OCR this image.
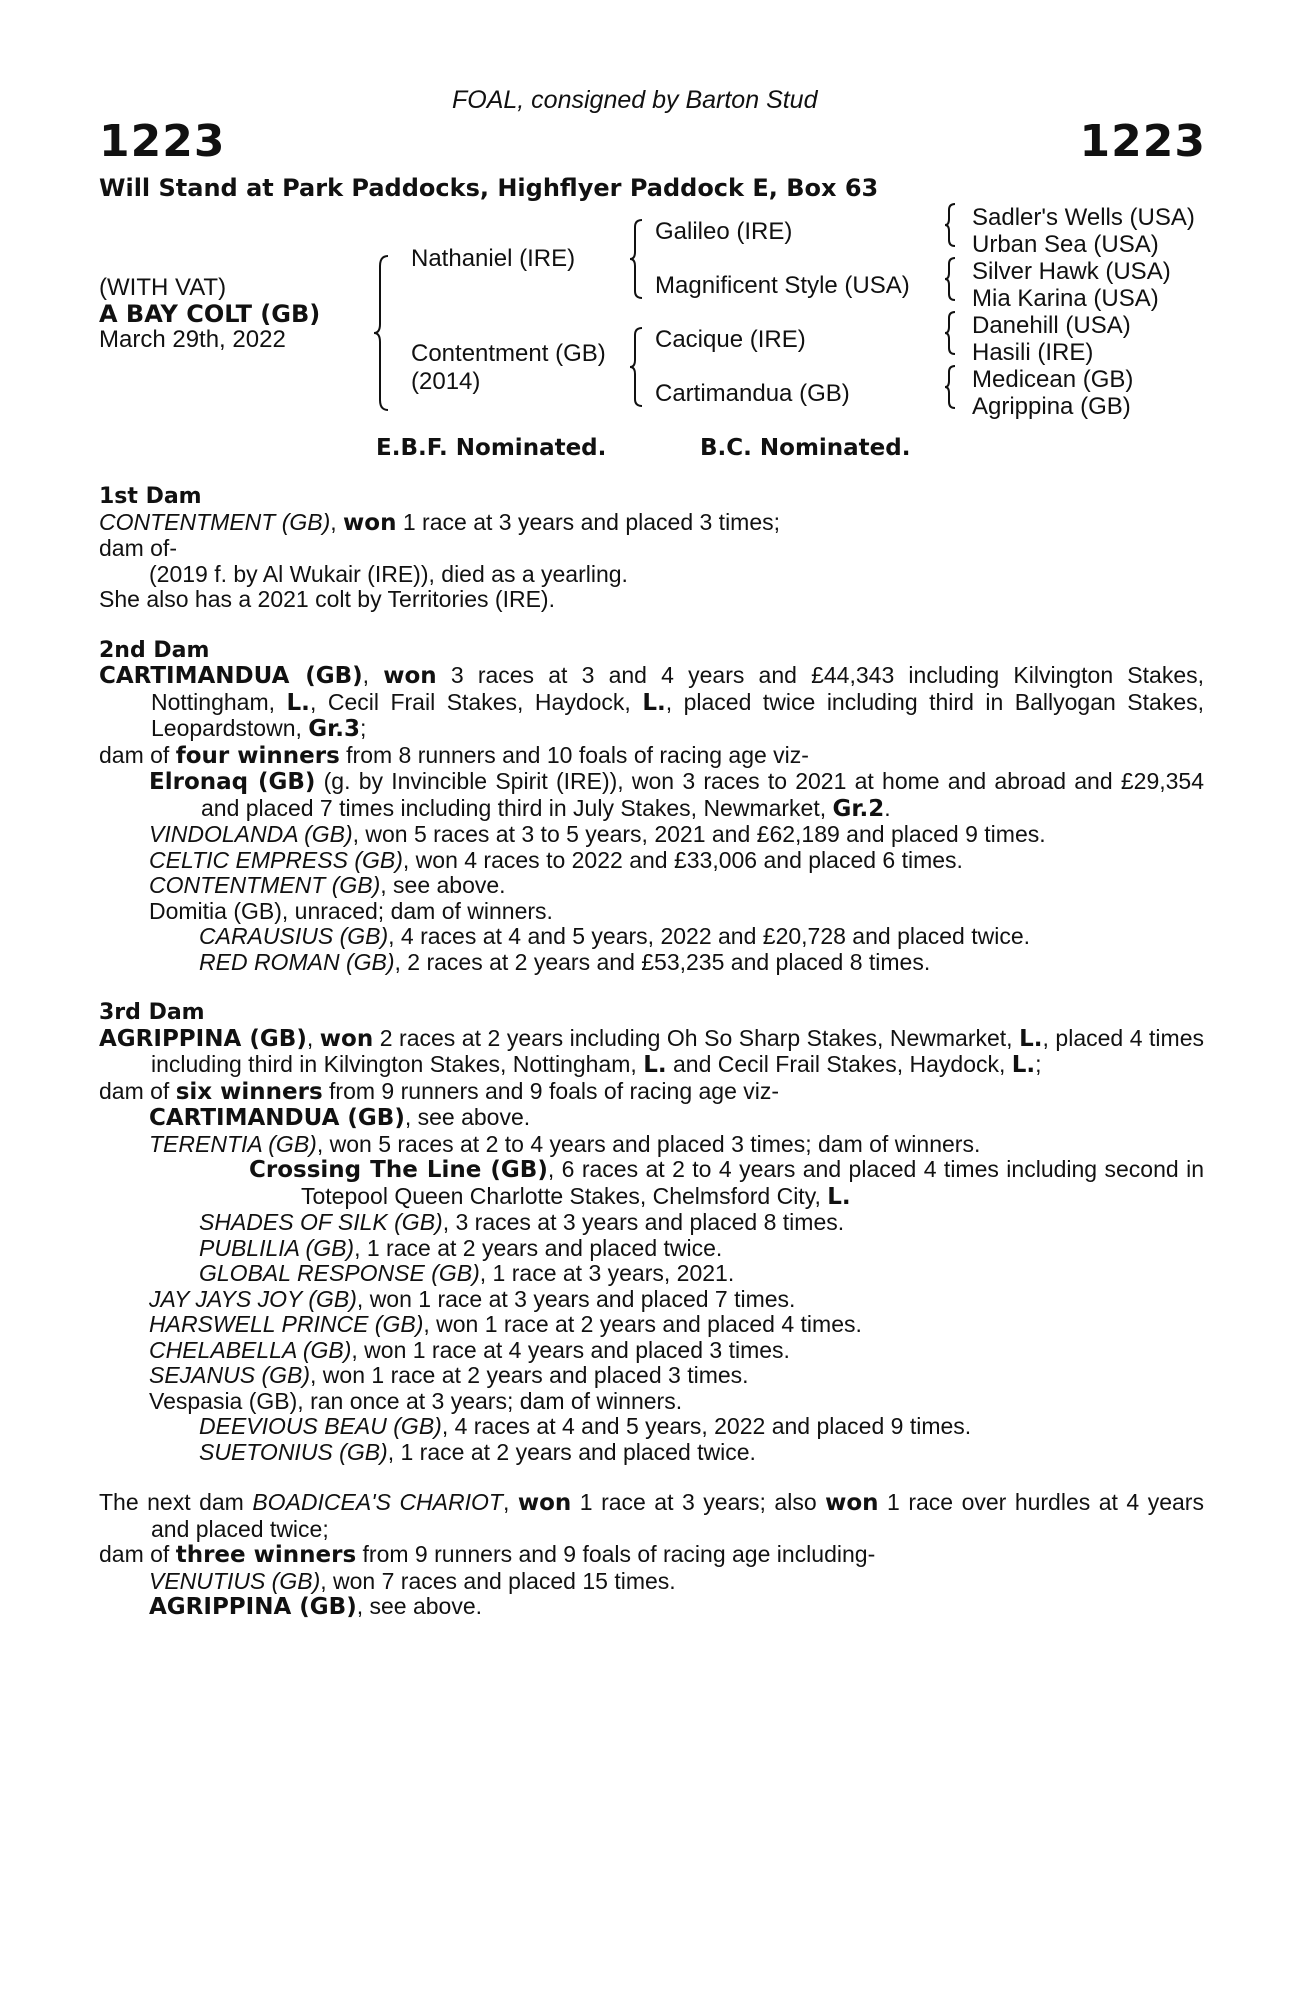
FOAL, consigned by Barton Stud
1223	1223
Will Stand at Park Paddocks, Highflyer Paddock E, Box 63
(WITH VAT)
A BAY COLT (GB)
March 29th, 2022
Nathaniel (IRE)
Contentment (GB)
(2014)
Galileo (IRE)
Magnificent Style (USA)
Cacique (IRE)
Cartimandua (GB)
Sadler's Wells (USA)
Urban Sea (USA)
Silver Hawk (USA)
Mia Karina (USA)
Danehill (USA)
Hasili (IRE)
Medicean (GB)
Agrippina (GB)
E.B.F. Nominated.	B.C. Nominated.

1st Dam

CONTENTMENT (GB), won 1 race at 3 years and placed 3 times;

dam of-

(2019 f. by Al Wukair (IRE)), died as a yearling.

She also has a 2021 colt by Territories (IRE).

2nd Dam

CARTIMANDUA (GB), won 3 races at 3 and 4 years and £44,343 including Kilvington Stakes, Nottingham, L., Cecil Frail Stakes, Haydock, L., placed twice including third in Ballyogan Stakes, Leopardstown, Gr.3;

dam of four winners from 8 runners and 10 foals of racing age viz-

Elronaq (GB) (g. by Invincible Spirit (IRE)), won 3 races to 2021 at home and abroad and £29,354 and placed 7 times including third in July Stakes, Newmarket, Gr.2.

VINDOLANDA (GB), won 5 races at 3 to 5 years, 2021 and £62,189 and placed 9 times.

CELTIC EMPRESS (GB), won 4 races to 2022 and £33,006 and placed 6 times.

CONTENTMENT (GB), see above.

Domitia (GB), unraced; dam of winners.

CARAUSIUS (GB), 4 races at 4 and 5 years, 2022 and £20,728 and placed twice.

RED ROMAN (GB), 2 races at 2 years and £53,235 and placed 8 times.

3rd Dam

AGRIPPINA (GB), won 2 races at 2 years including Oh So Sharp Stakes, Newmarket, L., placed 4 times including third in Kilvington Stakes, Nottingham, L. and Cecil Frail Stakes, Haydock, L.;

dam of six winners from 9 runners and 9 foals of racing age viz-

CARTIMANDUA (GB), see above.

TERENTIA (GB), won 5 races at 2 to 4 years and placed 3 times; dam of winners.

Crossing The Line (GB), 6 races at 2 to 4 years and placed 4 times including second in Totepool Queen Charlotte Stakes, Chelmsford City, L.

SHADES OF SILK (GB), 3 races at 3 years and placed 8 times.

PUBLILIA (GB), 1 race at 2 years and placed twice.

GLOBAL RESPONSE (GB), 1 race at 3 years, 2021.

JAY JAYS JOY (GB), won 1 race at 3 years and placed 7 times.

HARSWELL PRINCE (GB), won 1 race at 2 years and placed 4 times.

CHELABELLA (GB), won 1 race at 4 years and placed 3 times.

SEJANUS (GB), won 1 race at 2 years and placed 3 times.

Vespasia (GB), ran once at 3 years; dam of winners.

DEEVIOUS BEAU (GB), 4 races at 4 and 5 years, 2022 and placed 9 times.

SUETONIUS (GB), 1 race at 2 years and placed twice.

The next dam BOADICEA'S CHARIOT, won 1 race at 3 years; also won 1 race over hurdles at 4 years and placed twice;

dam of three winners from 9 runners and 9 foals of racing age including-

VENUTIUS (GB), won 7 races and placed 15 times.

AGRIPPINA (GB), see above.
